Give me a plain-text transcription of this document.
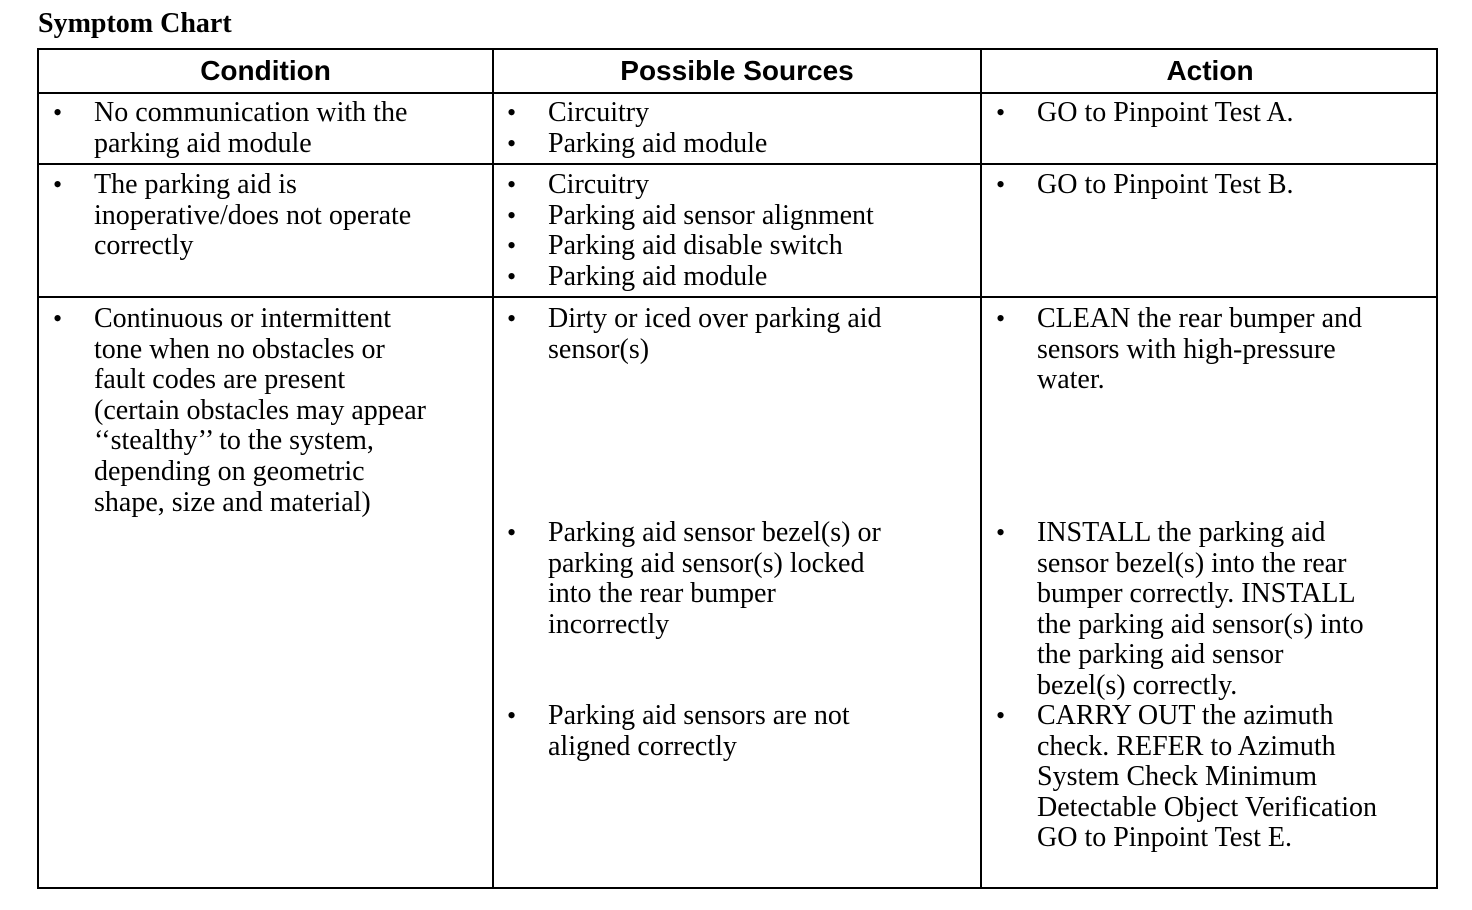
Symptom Chart
Condition	Possible Sources	Action
• No communication with the
parking aid module
• Circuitry
• Parking aid module
• GO to Pinpoint Test A.
• The parking aid is
inoperative/does not operate
correctly
• Circuitry
• Parking aid sensor alignment
• Parking aid disable switch
• Parking aid module
• GO to Pinpoint Test B.
• Continuous or intermittent
tone when no obstacles or
fault codes are present
(certain obstacles may appear
‘‘stealthy’’ to the system,
depending on geometric
shape, size and material)
• Dirty or iced over parking aid
sensor(s)
• Parking aid sensor bezel(s) or
parking aid sensor(s) locked
into the rear bumper
incorrectly
• Parking aid sensors are not
aligned correctly
• CLEAN the rear bumper and
sensors with high-pressure
water.
• INSTALL the parking aid
sensor bezel(s) into the rear
bumper correctly. INSTALL
the parking aid sensor(s) into
the parking aid sensor
bezel(s) correctly.
• CARRY OUT the azimuth
check. REFER to Azimuth
System Check Minimum
Detectable Object Verification
GO to Pinpoint Test E.
